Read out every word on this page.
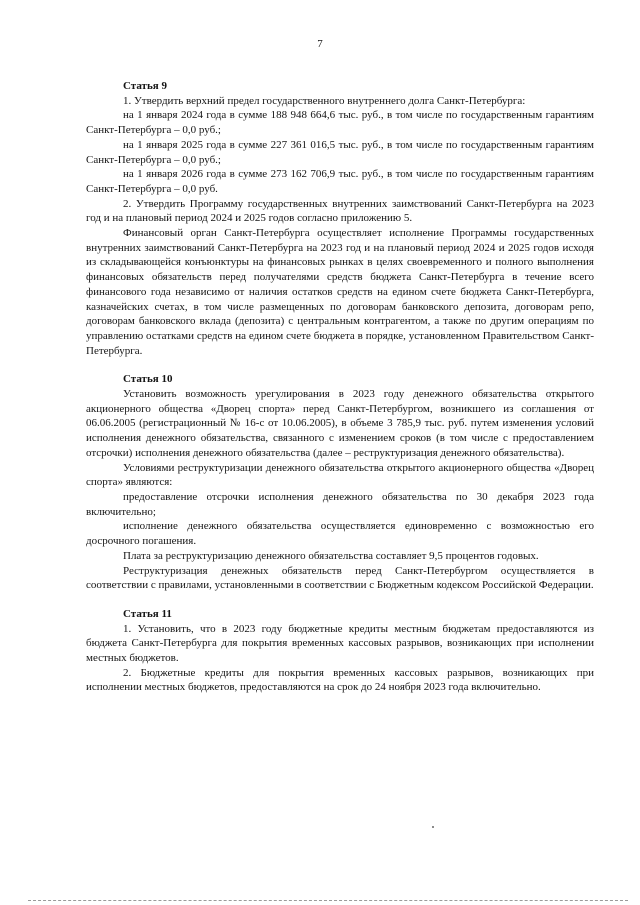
7
Статья 9

1. Утвердить верхний предел государственного внутреннего долга Санкт-Петербурга:

на 1 января 2024 года в сумме 188 948 664,6 тыс. руб., в том числе по государственным гарантиям Санкт-Петербурга – 0,0 руб.;

на 1 января 2025 года в сумме 227 361 016,5 тыс. руб., в том числе по государственным гарантиям Санкт-Петербурга – 0,0 руб.;

на 1 января 2026 года в сумме 273 162 706,9 тыс. руб., в том числе по государственным гарантиям Санкт-Петербурга – 0,0 руб.

2. Утвердить Программу государственных внутренних заимствований Санкт-Петербурга на 2023 год и на плановый период 2024 и 2025 годов согласно приложению 5.

Финансовый орган Санкт-Петербурга осуществляет исполнение Программы государственных внутренних заимствований Санкт-Петербурга на 2023 год и на плановый период 2024 и 2025 годов исходя из складывающейся конъюнктуры на финансовых рынках в целях своевременного и полного выполнения финансовых обязательств перед получателями средств бюджета Санкт-Петербурга в течение всего финансового года независимо от наличия остатков средств на едином счете бюджета Санкт-Петербурга, казначейских счетах, в том числе размещенных по договорам банковского депозита, договорам репо, договорам банковского вклада (депозита) с центральным контрагентом, а также по другим операциям по управлению остатками средств на едином счете бюджета в порядке, установленном Правительством Санкт-Петербурга.

Статья 10

Установить возможность урегулирования в 2023 году денежного обязательства открытого акционерного общества «Дворец спорта» перед Санкт-Петербургом, возникшего из соглашения от 06.06.2005 (регистрационный № 16-с от 10.06.2005), в объеме 3 785,9 тыс. руб. путем изменения условий исполнения денежного обязательства, связанного с изменением сроков (в том числе с предоставлением отсрочки) исполнения денежного обязательства (далее – реструктуризация денежного обязательства).

Условиями реструктуризации денежного обязательства открытого акционерного общества «Дворец спорта» являются:

предоставление отсрочки исполнения денежного обязательства по 30 декабря 2023 года включительно;

исполнение денежного обязательства осуществляется единовременно с возможностью его досрочного погашения.

Плата за реструктуризацию денежного обязательства составляет 9,5 процентов годовых.

Реструктуризация денежных обязательств перед Санкт-Петербургом осуществляется в соответствии с правилами, установленными в соответствии с Бюджетным кодексом Российской Федерации.

Статья 11

1. Установить, что в 2023 году бюджетные кредиты местным бюджетам предоставляются из бюджета Санкт-Петербурга для покрытия временных кассовых разрывов, возникающих при исполнении местных бюджетов.

2. Бюджетные кредиты для покрытия временных кассовых разрывов, возникающих при исполнении местных бюджетов, предоставляются на срок до 24 ноября 2023 года включительно.
